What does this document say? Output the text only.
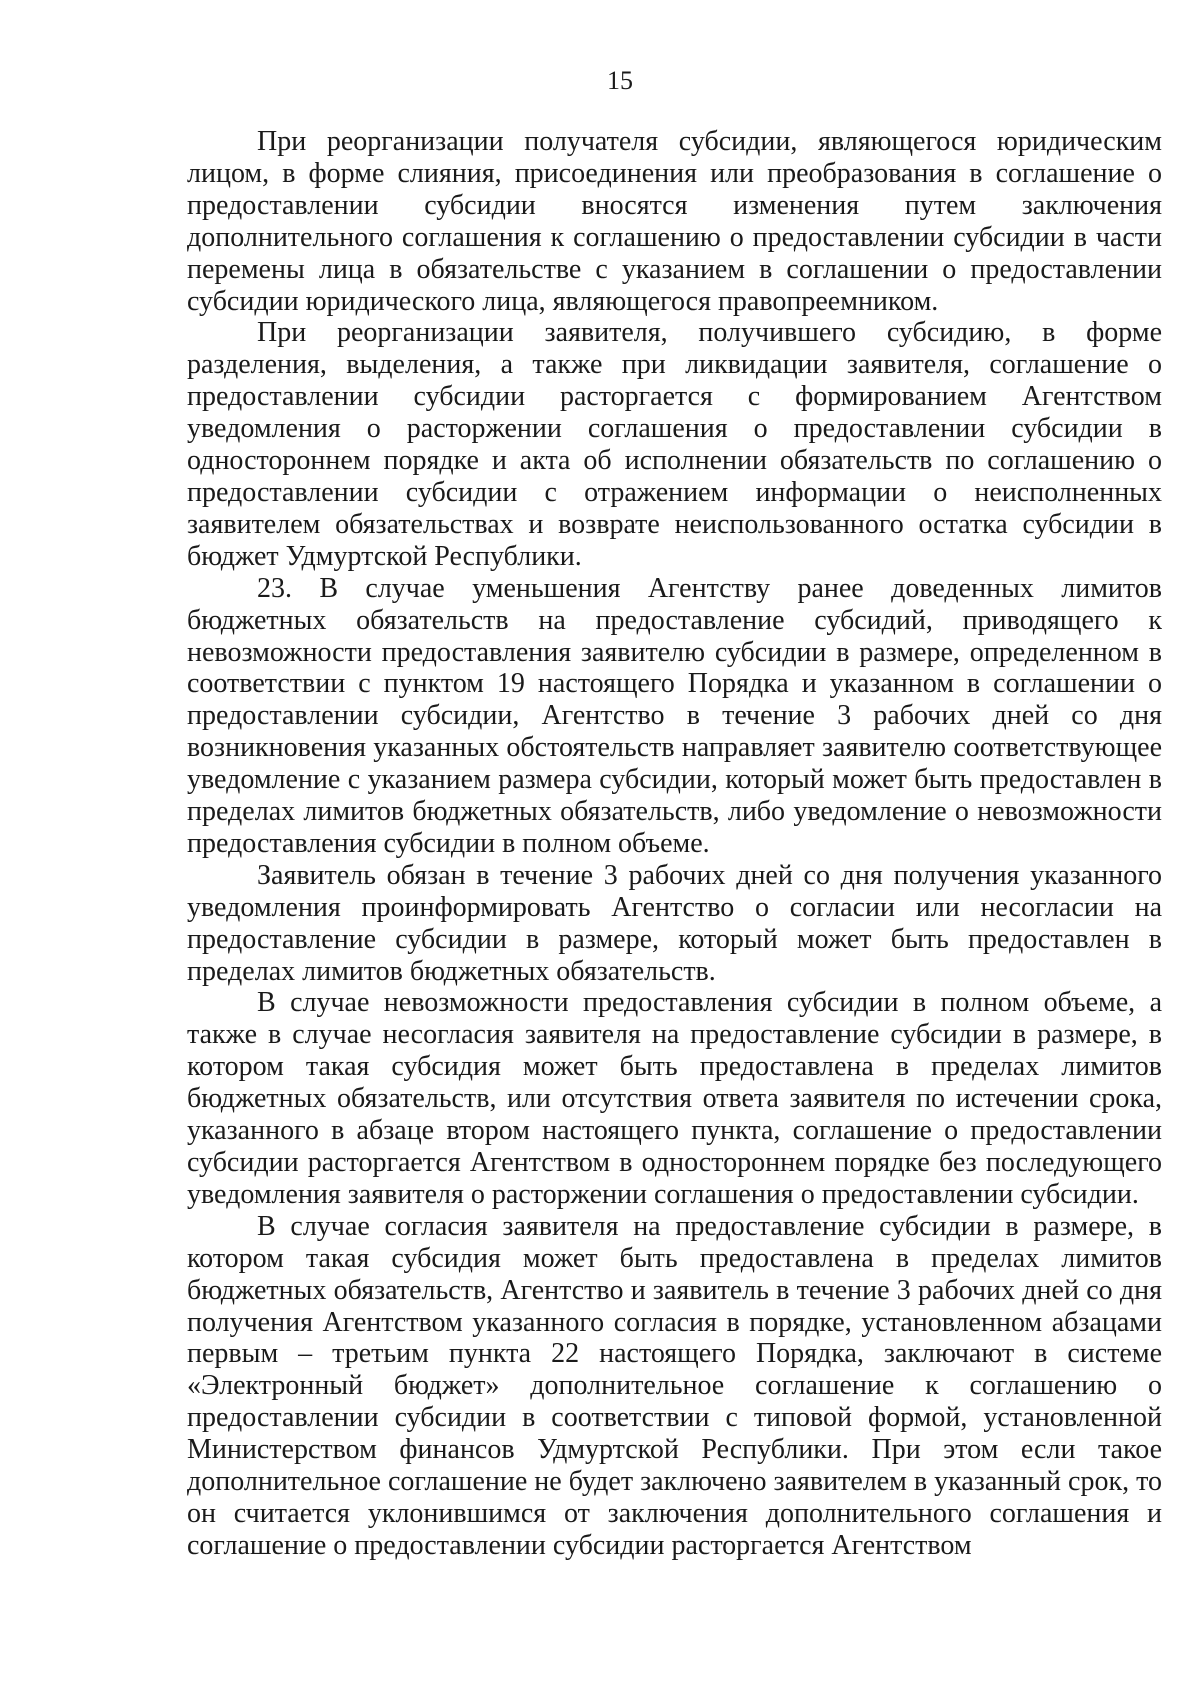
15

При реорганизации получателя субсидии, являющегося юридическим лицом, в форме слияния, присоединения или преобразования в соглашение о предоставлении субсидии вносятся изменения путем заключения дополнительного соглашения к соглашению о предоставлении субсидии в части перемены лица в обязательстве с указанием в соглашении о предоставлении субсидии юридического лица, являющегося правопреемником.

При реорганизации заявителя, получившего субсидию, в форме разделения, выделения, а также при ликвидации заявителя, соглашение о предоставлении субсидии расторгается с формированием Агентством уведомления о расторжении соглашения о предоставлении субсидии в одностороннем порядке и акта об исполнении обязательств по соглашению о предоставлении субсидии с отражением информации о неисполненных заявителем обязательствах и возврате неиспользованного остатка субсидии в бюджет Удмуртской Республики.

23. В случае уменьшения Агентству ранее доведенных лимитов бюджетных обязательств на предоставление субсидий, приводящего к невозможности предоставления заявителю субсидии в размере, определенном в соответствии с пунктом 19 настоящего Порядка и указанном в соглашении о предоставлении субсидии, Агентство в течение 3 рабочих дней со дня возникновения указанных обстоятельств направляет заявителю соответствующее уведомление с указанием размера субсидии, который может быть предоставлен в пределах лимитов бюджетных обязательств, либо уведомление о невозможности предоставления субсидии в полном объеме.

Заявитель обязан в течение 3 рабочих дней со дня получения указанного уведомления проинформировать Агентство о согласии или несогласии на предоставление субсидии в размере, который может быть предоставлен в пределах лимитов бюджетных обязательств.

В случае невозможности предоставления субсидии в полном объеме, а также в случае несогласия заявителя на предоставление субсидии в размере, в котором такая субсидия может быть предоставлена в пределах лимитов бюджетных обязательств, или отсутствия ответа заявителя по истечении срока, указанного в абзаце втором настоящего пункта, соглашение о предоставлении субсидии расторгается Агентством в одностороннем порядке без последующего уведомления заявителя о расторжении соглашения о предоставлении субсидии.

В случае согласия заявителя на предоставление субсидии в размере, в котором такая субсидия может быть предоставлена в пределах лимитов бюджетных обязательств, Агентство и заявитель в течение 3 рабочих дней со дня получения Агентством указанного согласия в порядке, установленном абзацами первым – третьим пункта 22 настоящего Порядка, заключают в системе «Электронный бюджет» дополнительное соглашение к соглашению о предоставлении субсидии в соответствии с типовой формой, установленной Министерством финансов Удмуртской Республики. При этом если такое дополнительное соглашение не будет заключено заявителем в указанный срок, то он считается уклонившимся от заключения дополнительного соглашения и соглашение о предоставлении субсидии расторгается Агентством
